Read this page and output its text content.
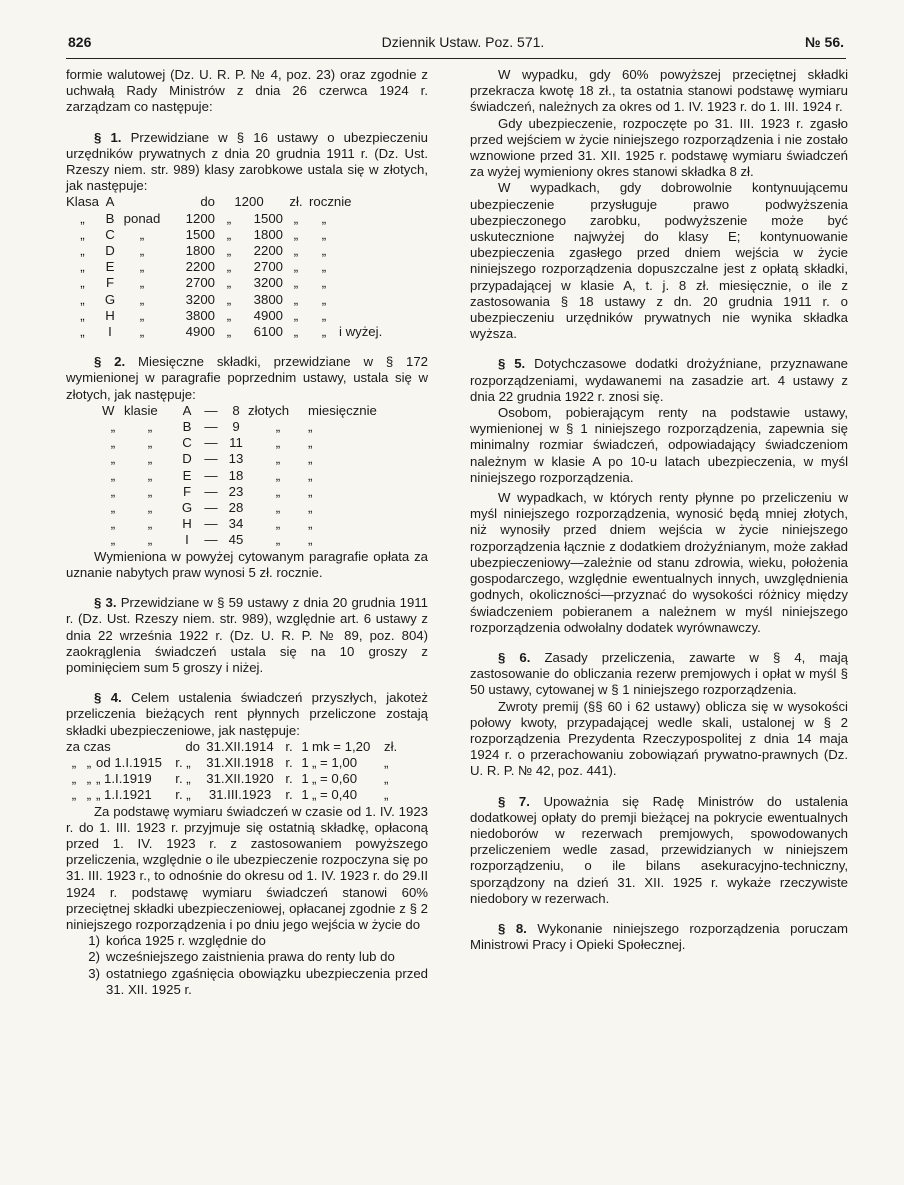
826	Dziennik Ustaw. Poz. 571.	№ 56.

formie walutowej (Dz. U. R. P. № 4, poz. 23) oraz zgodnie z uchwałą Rady Ministrów z dnia 26 czerwca 1924 r. zarządzam co następuje:

§ 1. Przewidziane w § 16 ustawy o ubezpieczeniu urzędników prywatnych z dnia 20 grudnia 1911 r. (Dz. Ust. Rzeszy niem. str. 989) klasy zarobkowe ustala się w złotych, jak następuje:

Klasa	A		do	1200		zł.	rocznie	
„	B	ponad	1200	„	1500	„	„	
„	C	„	1500	„	1800	„	„	
„	D	„	1800	„	2200	„	„	
„	E	„	2200	„	2700	„	„	
„	F	„	2700	„	3200	„	„	
„	G	„	3200	„	3800	„	„	
„	H	„	3800	„	4900	„	„	
„	I	„	4900	„	6100	„	„	i wyżej.

§ 2. Miesięczne składki, przewidziane w § 172 wymienionej w paragrafie poprzednim ustawy, ustala się w złotych, jak następuje:

W	klasie	A	—	8	złotych	miesięcznie
„	„	B	—	9	„	„
„	„	C	—	11	„	„
„	„	D	—	13	„	„
„	„	E	—	18	„	„
„	„	F	—	23	„	„
„	„	G	—	28	„	„
„	„	H	—	34	„	„
„	„	I	—	45	„	„

Wymieniona w powyżej cytowanym paragrafie opłata za uznanie nabytych praw wynosi 5 zł. rocznie.

§ 3. Przewidziane w § 59 ustawy z dnia 20 grudnia 1911 r. (Dz. Ust. Rzeszy niem. str. 989), względnie art. 6 ustawy z dnia 22 września 1922 r. (Dz. U. R. P. № 89, poz. 804) zaokrąglenia świadczeń ustala się na 10 groszy z pominięciem sum 5 groszy i niżej.

§ 4. Celem ustalenia świadczeń przyszłych, jakoteż przeliczenia bieżących rent płynnych przeliczone zostają składki ubezpieczeniowe, jak następuje:

za czas			do	31.XII.1914	r.	1	mk = 1,20	zł.
„	„	od 1.I.1915	r. „	31.XII.1918	r.	1	„ = 1,00	„
„	„	„ 1.I.1919	r. „	31.XII.1920	r.	1	„ = 0,60	„
„	„	„ 1.I.1921	r. „	31.III.1923	r.	1	„ = 0,40	„

Za podstawę wymiaru świadczeń w czasie od 1. IV. 1923 r. do 1. III. 1923 r. przyjmuje się ostatnią składkę, opłaconą przed 1. IV. 1923 r. z zastosowaniem powyższego przeliczenia, względnie o ile ubezpieczenie rozpoczyna się po 31. III. 1923 r., to odnośnie do okresu od 1. IV. 1923 r. do 29.II 1924 r. podstawę wymiaru świadczeń stanowi 60% przeciętnej składki ubezpieczeniowej, opłacanej zgodnie z § 2 niniejszego rozporządzenia i po dniu jego wejścia w życie do

1) końca 1925 r. względnie do
2) wcześniejszego zaistnienia prawa do renty lub do
3) ostatniego zgaśnięcia obowiązku ubezpieczenia przed 31. XII. 1925 r.

W wypadku, gdy 60% powyższej przeciętnej składki przekracza kwotę 18 zł., ta ostatnia stanowi podstawę wymiaru świadczeń, należnych za okres od 1. IV. 1923 r. do 1. III. 1924 r.

Gdy ubezpieczenie, rozpoczęte po 31. III. 1923 r. zgasło przed wejściem w życie niniejszego rozporządzenia i nie zostało wznowione przed 31. XII. 1925 r. podstawę wymiaru świadczeń za wyżej wymieniony okres stanowi składka 8 zł.

W wypadkach, gdy dobrowolnie kontynuującemu ubezpieczenie przysługuje prawo podwyższenia ubezpieczonego zarobku, podwyższenie może być uskutecznione najwyżej do klasy E; kontynuowanie ubezpieczenia zgasłego przed dniem wejścia w życie niniejszego rozporządzenia dopuszczalne jest z opłatą składki, przypadającej w klasie A, t. j. 8 zł. miesięcznie, o ile z zastosowania § 18 ustawy z dn. 20 grudnia 1911 r. o ubezpieczeniu urzędników prywatnych nie wynika składka wyższa.

§ 5. Dotychczasowe dodatki drożyźniane, przyznawane rozporządzeniami, wydawanemi na zasadzie art. 4 ustawy z dnia 22 grudnia 1922 r. znosi się.

Osobom, pobierającym renty na podstawie ustawy, wymienionej w § 1 niniejszego rozporządzenia, zapewnia się minimalny rozmiar świadczeń, odpowiadający świadczeniom należnym w klasie A po 10-u latach ubezpieczenia, w myśl niniejszego rozporządzenia.

W wypadkach, w których renty płynne po przeliczeniu w myśl niniejszego rozporządzenia, wynosić będą mniej złotych, niż wynosiły przed dniem wejścia w życie niniejszego rozporządzenia łącznie z dodatkiem drożyźnianym, może zakład ubezpieczeniowy—zależnie od stanu zdrowia, wieku, położenia gospodarczego, względnie ewentualnych innych, uwzględnienia godnych, okoliczności—przyznać do wysokości różnicy między świadczeniem pobieranem a należnem w myśl niniejszego rozporządzenia odwołalny dodatek wyrównawczy.

§ 6. Zasady przeliczenia, zawarte w § 4, mają zastosowanie do obliczania rezerw premjowych i opłat w myśl § 50 ustawy, cytowanej w § 1 niniejszego rozporządzenia.

Zwroty premij (§§ 60 i 62 ustawy) oblicza się w wysokości połowy kwoty, przypadającej wedle skali, ustalonej w § 2 rozporządzenia Prezydenta Rzeczypospolitej z dnia 14 maja 1924 r. o przerachowaniu zobowiązań prywatno-prawnych (Dz. U. R. P. № 42, poz. 441).

§ 7. Upoważnia się Radę Ministrów do ustalenia dodatkowej opłaty do premji bieżącej na pokrycie ewentualnych niedoborów w rezerwach premjowych, spowodowanych przeliczeniem wedle zasad, przewidzianych w niniejszem rozporządzeniu, o ile bilans asekuracyjno-techniczny, sporządzony na dzień 31. XII. 1925 r. wykaże rzeczywiste niedobory w rezerwach.

§ 8. Wykonanie niniejszego rozporządzenia poruczam Ministrowi Pracy i Opieki Społecznej.
